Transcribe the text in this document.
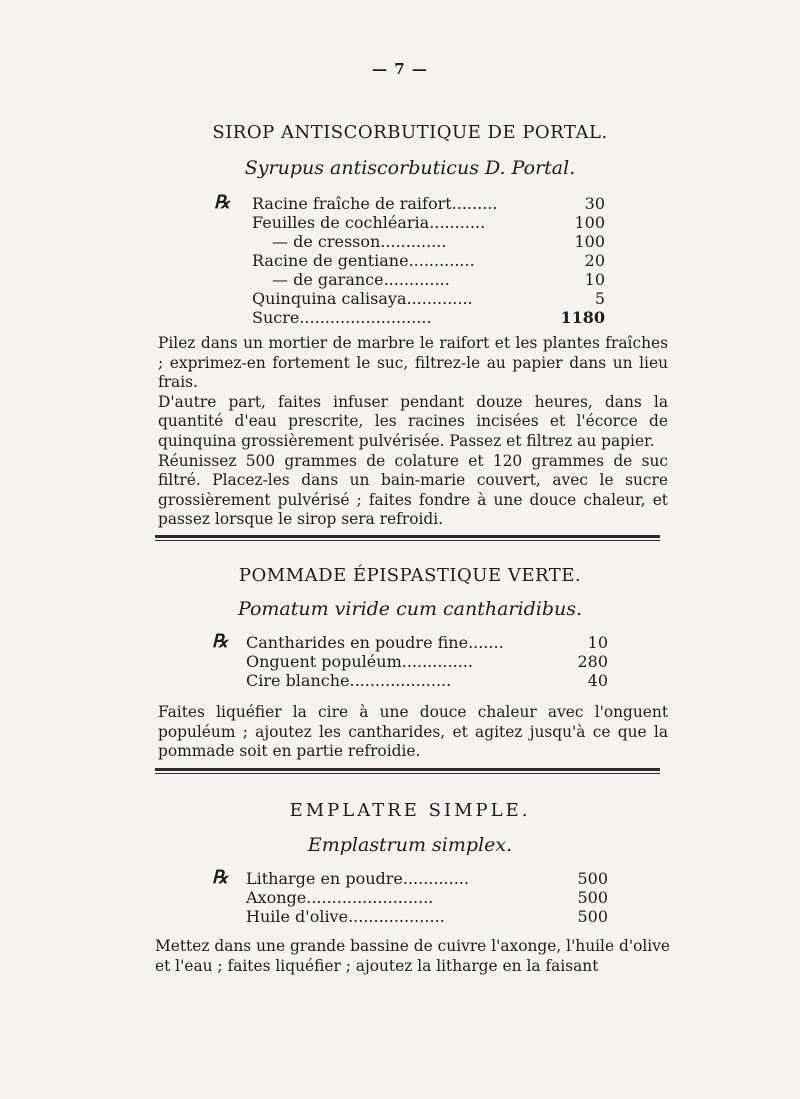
— 7 —
SIROP ANTISCORBUTIQUE DE PORTAL.
Syrupus antiscorbuticus D. Portal.
℞ Racine fraîche de raifort.........	30
Feuilles de cochléaria...........	100
— de cresson.............	100
Racine de gentiane.............	20
— de garance.............	10
Quinquina calisaya.............	5
Sucre..........................	1180

Pilez dans un mortier de marbre le raifort et les plantes fraîches ; exprimez-en fortement le suc, filtrez-le au papier dans un lieu frais.

D'autre part, faites infuser pendant douze heures, dans la quantité d'eau prescrite, les racines incisées et l'écorce de quinquina grossièrement pulvérisée. Passez et filtrez au papier.

Réunissez 500 grammes de colature et 120 grammes de suc filtré. Placez-les dans un bain-marie couvert, avec le sucre grossièrement pulvérisé ; faites fondre à une douce chaleur, et passez lorsque le sirop sera refroidi.

POMMADE ÉPISPASTIQUE VERTE.
Pomatum viride cum cantharidibus.
℞ Cantharides en poudre fine.......	10
Onguent populéum..............	280
Cire blanche....................	40

Faites liquéfier la cire à une douce chaleur avec l'onguent populéum ; ajoutez les cantharides, et agitez jusqu'à ce que la pommade soit en partie refroidie.

EMPLATRE SIMPLE.
Emplastrum simplex.
℞ Litharge en poudre.............	500
Axonge.........................	500
Huile d'olive...................	500

Mettez dans une grande bassine de cuivre l'axonge, l'huile d'olive et l'eau ; faites liquéfier ; ajoutez la litharge en la faisant
